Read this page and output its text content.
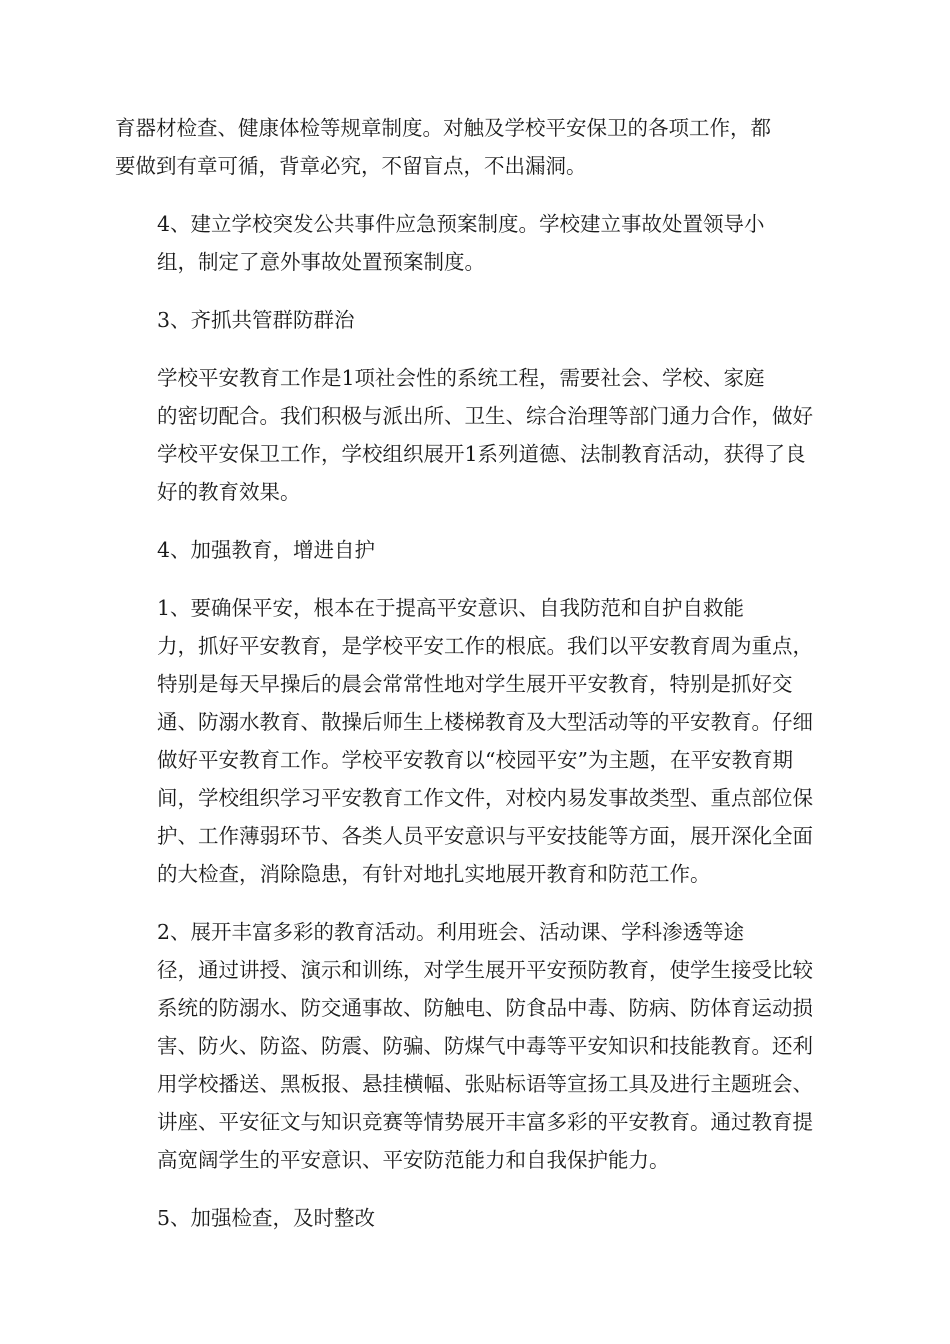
育器材检查、健康体检等规章制度。对触及学校平安保卫的各项工作，都
要做到有章可循，背章必究，不留盲点，不出漏洞。

4、建立学校突发公共事件应急预案制度。学校建立事故处置领导小
组，制定了意外事故处置预案制度。

3、齐抓共管群防群治

学校平安教育工作是1项社会性的系统工程，需要社会、学校、家庭
的密切配合。我们积极与派出所、卫生、综合治理等部门通力合作，做好
学校平安保卫工作，学校组织展开1系列道德、法制教育活动，获得了良
好的教育效果。

4、加强教育，增进自护

1、要确保平安，根本在于提高平安意识、自我防范和自护自救能
力，抓好平安教育，是学校平安工作的根底。我们以平安教育周为重点，
特别是每天早操后的晨会常常性地对学生展开平安教育，特别是抓好交
通、防溺水教育、散操后师生上楼梯教育及大型活动等的平安教育。仔细
做好平安教育工作。学校平安教育以“校园平安”为主题，在平安教育期
间，学校组织学习平安教育工作文件，对校内易发事故类型、重点部位保
护、工作薄弱环节、各类人员平安意识与平安技能等方面，展开深化全面
的大检查，消除隐患，有针对地扎实地展开教育和防范工作。

2、展开丰富多彩的教育活动。利用班会、活动课、学科渗透等途
径，通过讲授、演示和训练，对学生展开平安预防教育，使学生接受比较
系统的防溺水、防交通事故、防触电、防食品中毒、防病、防体育运动损
害、防火、防盗、防震、防骗、防煤气中毒等平安知识和技能教育。还利
用学校播送、黑板报、悬挂横幅、张贴标语等宣扬工具及进行主题班会、
讲座、平安征文与知识竞赛等情势展开丰富多彩的平安教育。通过教育提
高宽阔学生的平安意识、平安防范能力和自我保护能力。

5、加强检查，及时整改
